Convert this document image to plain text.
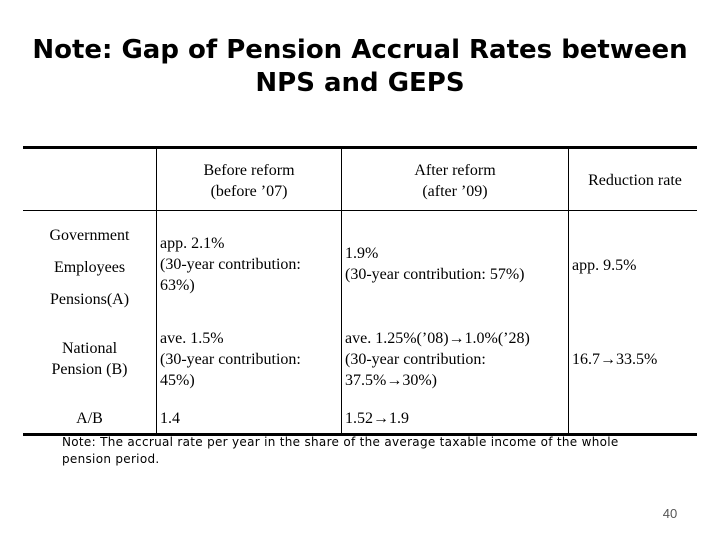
Note: Gap of Pension Accrual Rates between
NPS and GEPS
Before reform
(before ’07)
After reform
(after ’09)
Reduction rate
Government
Employees
Pensions(A)
app. 2.1%
(30-year contribution:
63%)
1.9%
(30-year contribution: 57%)
app. 9.5%
National
Pension (B)
ave. 1.5%
(30-year contribution:
45%)
ave. 1.25%(’08)→1.0%(’28)
(30-year contribution:
37.5%→30%)
16.7→33.5%
A/B	1.4	1.52→1.9
Note: The accrual rate per year in the share of the average taxable income of the whole
pension period.
40
